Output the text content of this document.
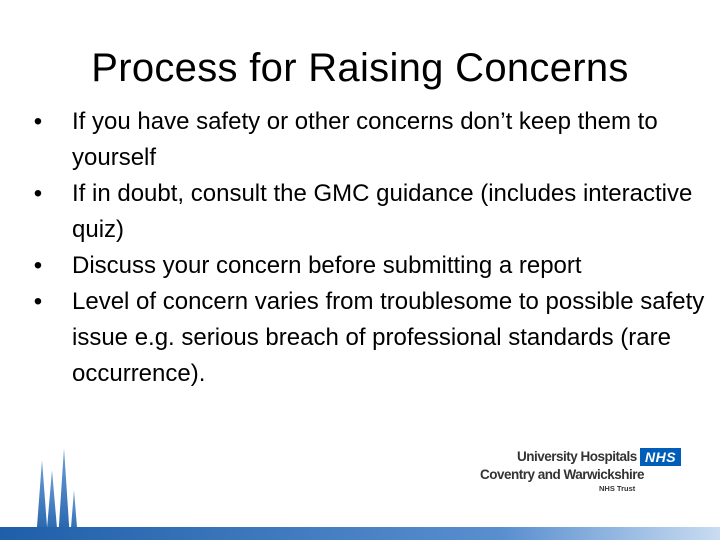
Process for Raising Concerns
• If you have safety or other concerns don’t keep them to yourself
• If in doubt, consult the GMC guidance (includes interactive quiz)
• Discuss your concern before submitting a report
• Level of concern varies from troublesome to possible safety issue e.g. serious breach of professional standards (rare occurrence).
University Hospitals NHS
Coventry and Warwickshire
NHS Trust
